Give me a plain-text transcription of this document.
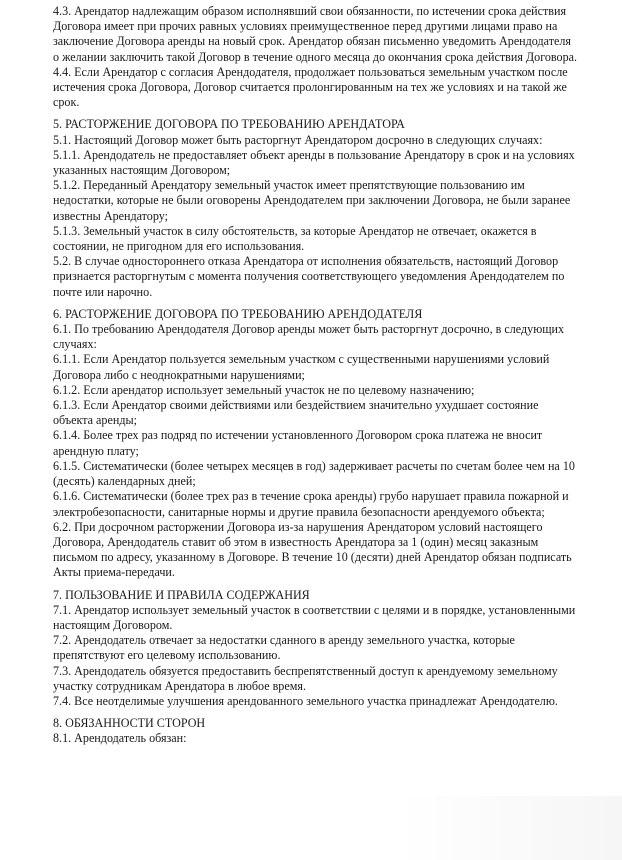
4.3. Арендатор надлежащим образом исполнявший свои обязанности, по истечении срока действия Договора имеет при прочих равных условиях преимущественное перед другими лицами право на заключение Договора аренды на новый срок. Арендатор обязан письменно уведомить Арендодателя о желании заключить такой Договор в течение одного месяца до окончания срока действия Договора.

4.4. Если Арендатор с согласия Арендодателя, продолжает пользоваться земельным участком после истечения срока Договора, Договор считается пролонгированным на тех же условиях и на такой же срок.

5. РАСТОРЖЕНИЕ ДОГОВОРА ПО ТРЕБОВАНИЮ АРЕНДАТОРА

5.1. Настоящий Договор может быть расторгнут Арендатором досрочно в следующих случаях:

5.1.1. Арендодатель не предоставляет объект аренды в пользование Арендатору в срок и на условиях указанных настоящим Договором;

5.1.2. Переданный Арендатору земельный участок имеет препятствующие пользованию им недостатки, которые не были оговорены Арендодателем при заключении Договора, не были заранее известны Арендатору;

5.1.3. Земельный участок в силу обстоятельств, за которые Арендатор не отвечает, окажется в состоянии, не пригодном для его использования.

5.2. В случае одностороннего отказа Арендатора от исполнения обязательств, настоящий Договор признается расторгнутым с момента получения соответствующего уведомления Арендодателем по почте или нарочно.

6. РАСТОРЖЕНИЕ ДОГОВОРА ПО ТРЕБОВАНИЮ АРЕНДОДАТЕЛЯ

6.1. По требованию Арендодателя Договор аренды может быть расторгнут досрочно, в следующих случаях:

6.1.1. Если Арендатор пользуется земельным участком с существенными нарушениями условий Договора либо с неоднократными нарушениями;

6.1.2. Если арендатор использует земельный участок не по целевому назначению;

6.1.3. Если Арендатор своими действиями или бездействием значительно ухудшает состояние объекта аренды;

6.1.4. Более трех раз подряд по истечении установленного Договором срока платежа не вносит арендную плату;

6.1.5. Систематически (более четырех месяцев в год) задерживает расчеты по счетам более чем на 10 (десять) календарных дней;

6.1.6. Систематически (более трех раз в течение срока аренды) грубо нарушает правила пожарной и электробезопасности, санитарные нормы и другие правила безопасности арендуемого объекта;

6.2. При досрочном расторжении Договора из-за нарушения Арендатором условий настоящего Договора, Арендодатель ставит об этом в известность Арендатора за 1 (один) месяц заказным письмом по адресу, указанному в Договоре. В течение 10 (десяти) дней Арендатор обязан подписать Акты приема-передачи.

7. ПОЛЬЗОВАНИЕ И ПРАВИЛА СОДЕРЖАНИЯ

7.1. Арендатор использует земельный участок в соответствии с целями и в порядке, установленными настоящим Договором.

7.2. Арендодатель отвечает за недостатки сданного в аренду земельного участка, которые препятствуют его целевому использованию.

7.3. Арендодатель обязуется предоставить беспрепятственный доступ к арендуемому земельному участку сотрудникам Арендатора в любое время.

7.4. Все неотделимые улучшения арендованного земельного участка принадлежат Арендодателю.

8. ОБЯЗАННОСТИ СТОРОН

8.1. Арендодатель обязан:
